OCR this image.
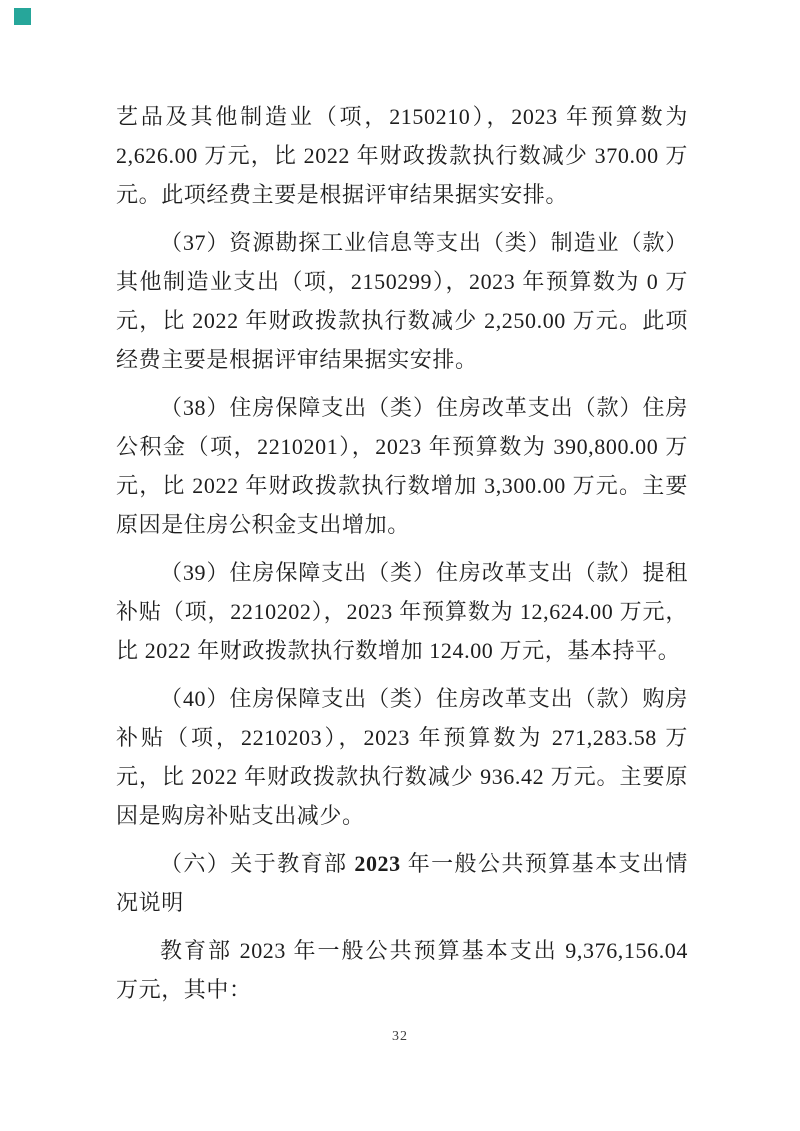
艺品及其他制造业（项，2150210），2023 年预算数为 2,626.00 万元，比 2022 年财政拨款执行数减少 370.00 万元。此项经费主要是根据评审结果据实安排。

（37）资源勘探工业信息等支出（类）制造业（款）其他制造业支出（项，2150299），2023 年预算数为 0 万元，比 2022 年财政拨款执行数减少 2,250.00 万元。此项经费主要是根据评审结果据实安排。

（38）住房保障支出（类）住房改革支出（款）住房公积金（项，2210201），2023 年预算数为 390,800.00 万元，比 2022 年财政拨款执行数增加 3,300.00 万元。主要原因是住房公积金支出增加。

（39）住房保障支出（类）住房改革支出（款）提租补贴（项，2210202），2023 年预算数为 12,624.00 万元，比 2022 年财政拨款执行数增加 124.00 万元，基本持平。

（40）住房保障支出（类）住房改革支出（款）购房补贴（项，2210203），2023 年预算数为 271,283.58 万元，比 2022 年财政拨款执行数减少 936.42 万元。主要原因是购房补贴支出减少。

（六）关于教育部 2023 年一般公共预算基本支出情况说明

教育部 2023 年一般公共预算基本支出 9,376,156.04 万元，其中：

32
